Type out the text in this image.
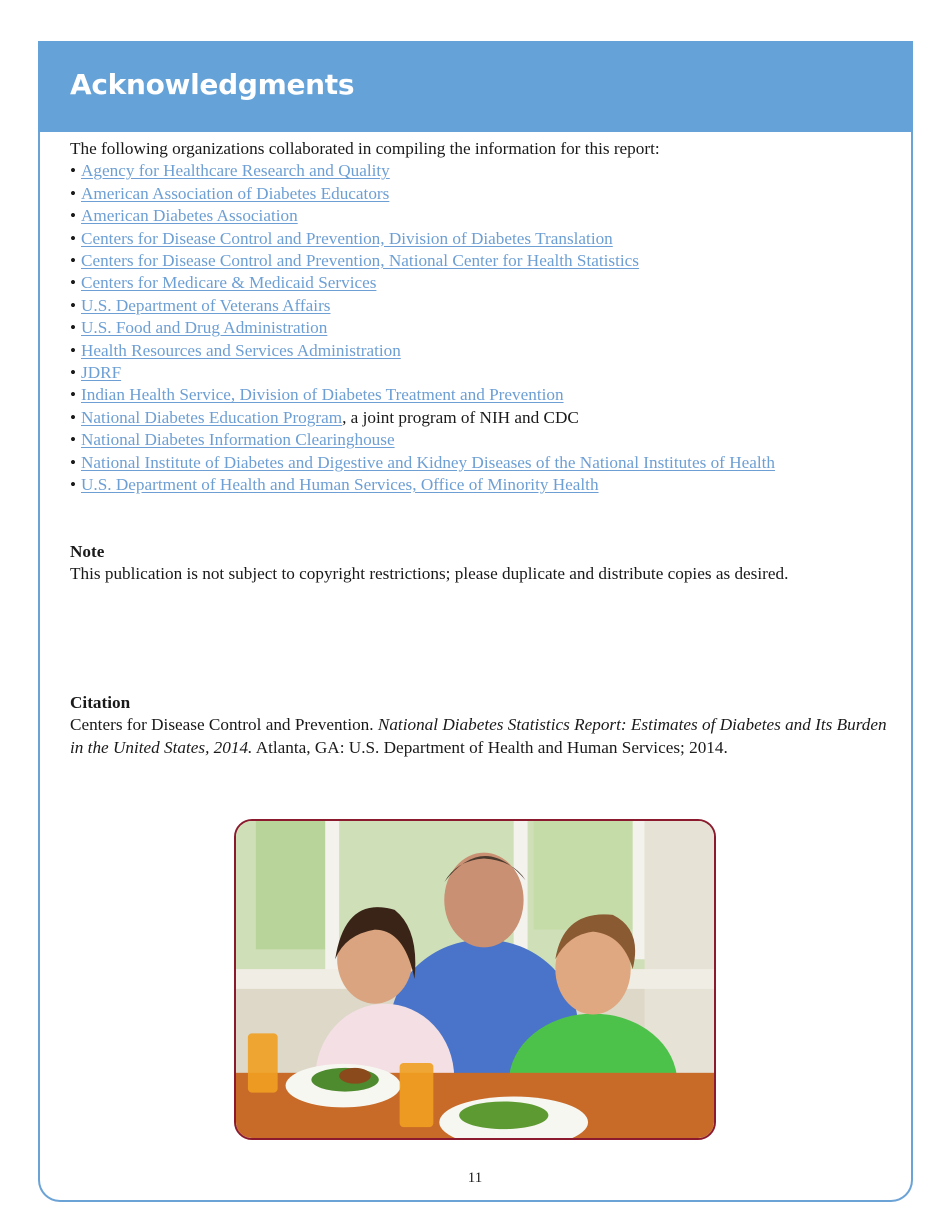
Acknowledgments

The following organizations collaborated in compiling the information for this report:

• Agency for Healthcare Research and Quality
• American Association of Diabetes Educators
• American Diabetes Association
• Centers for Disease Control and Prevention, Division of Diabetes Translation
• Centers for Disease Control and Prevention, National Center for Health Statistics
• Centers for Medicare & Medicaid Services
• U.S. Department of Veterans Affairs
• U.S. Food and Drug Administration
• Health Resources and Services Administration
• JDRF
• Indian Health Service, Division of Diabetes Treatment and Prevention
• National Diabetes Education Program, a joint program of NIH and CDC
• National Diabetes Information Clearinghouse
• National Institute of Diabetes and Digestive and Kidney Diseases of the National Institutes of Health
• U.S. Department of Health and Human Services, Office of Minority Health
Note
This publication is not subject to copyright restrictions; please duplicate and distribute copies as desired.
Citation
Centers for Disease Control and Prevention. National Diabetes Statistics Report: Estimates of Diabetes and Its Burden in the United States, 2014. Atlanta, GA: U.S. Department of Health and Human Services; 2014.
11
